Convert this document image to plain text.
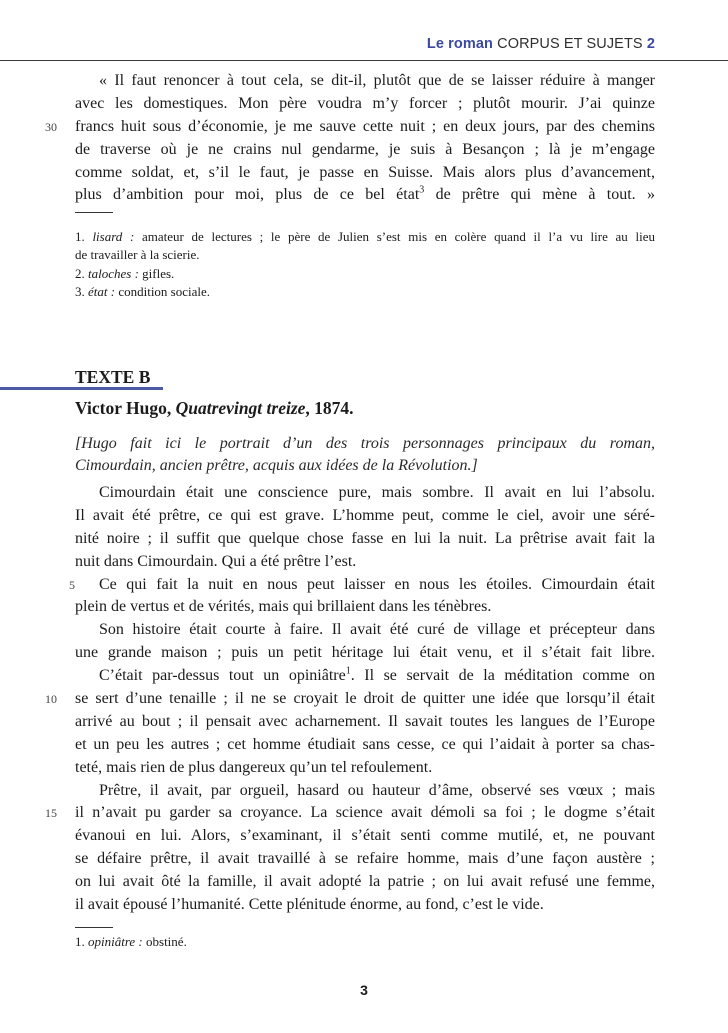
Le roman CORPUS ET SUJETS 2
« Il faut renoncer à tout cela, se dit-il, plutôt que de se laisser réduire à manger
avec les domestiques. Mon père voudra m’y forcer ; plutôt mourir. J’ai quinze
30	francs huit sous d’économie, je me sauve cette nuit ; en deux jours, par des chemins
de traverse où je ne crains nul gendarme, je suis à Besançon ; là je m’engage
comme soldat, et, s’il le faut, je passe en Suisse. Mais alors plus d’avancement,
plus d’ambition pour moi, plus de ce bel état$^3$ de prêtre qui mène à tout. »
1. lisard : amateur de lectures ; le père de Julien s’est mis en colère quand il l’a vu lire au lieu
de travailler à la scierie.
2. taloches : gifles.
3. état : condition sociale.
TEXTE B
Victor Hugo, Quatrevingt treize, 1874.
[Hugo fait ici le portrait d’un des trois personnages principaux du roman,
Cimourdain, ancien prêtre, acquis aux idées de la Révolution.]
Cimourdain était une conscience pure, mais sombre. Il avait en lui l’absolu.
Il avait été prêtre, ce qui est grave. L’homme peut, comme le ciel, avoir une séré-
nité noire ; il suffit que quelque chose fasse en lui la nuit. La prêtrise avait fait la
nuit dans Cimourdain. Qui a été prêtre l’est.
5 Ce qui fait la nuit en nous peut laisser en nous les étoiles. Cimourdain était
plein de vertus et de vérités, mais qui brillaient dans les ténèbres.
Son histoire était courte à faire. Il avait été curé de village et précepteur dans
une grande maison ; puis un petit héritage lui était venu, et il s’était fait libre.
C’était par-dessus tout un opiniâtre$^1$. Il se servait de la méditation comme on
10	se sert d’une tenaille ; il ne se croyait le droit de quitter une idée que lorsqu’il était
arrivé au bout ; il pensait avec acharnement. Il savait toutes les langues de l’Europe
et un peu les autres ; cet homme étudiait sans cesse, ce qui l’aidait à porter sa chas-
teté, mais rien de plus dangereux qu’un tel refoulement.
Prêtre, il avait, par orgueil, hasard ou hauteur d’âme, observé ses vœux ; mais
15	il n’avait pu garder sa croyance. La science avait démoli sa foi ; le dogme s’était
évanoui en lui. Alors, s’examinant, il s’était senti comme mutilé, et, ne pouvant
se défaire prêtre, il avait travaillé à se refaire homme, mais d’une façon austère ;
on lui avait ôté la famille, il avait adopté la patrie ; on lui avait refusé une femme,
il avait épousé l’humanité. Cette plénitude énorme, au fond, c’est le vide.
1. opiniâtre : obstiné.
3
